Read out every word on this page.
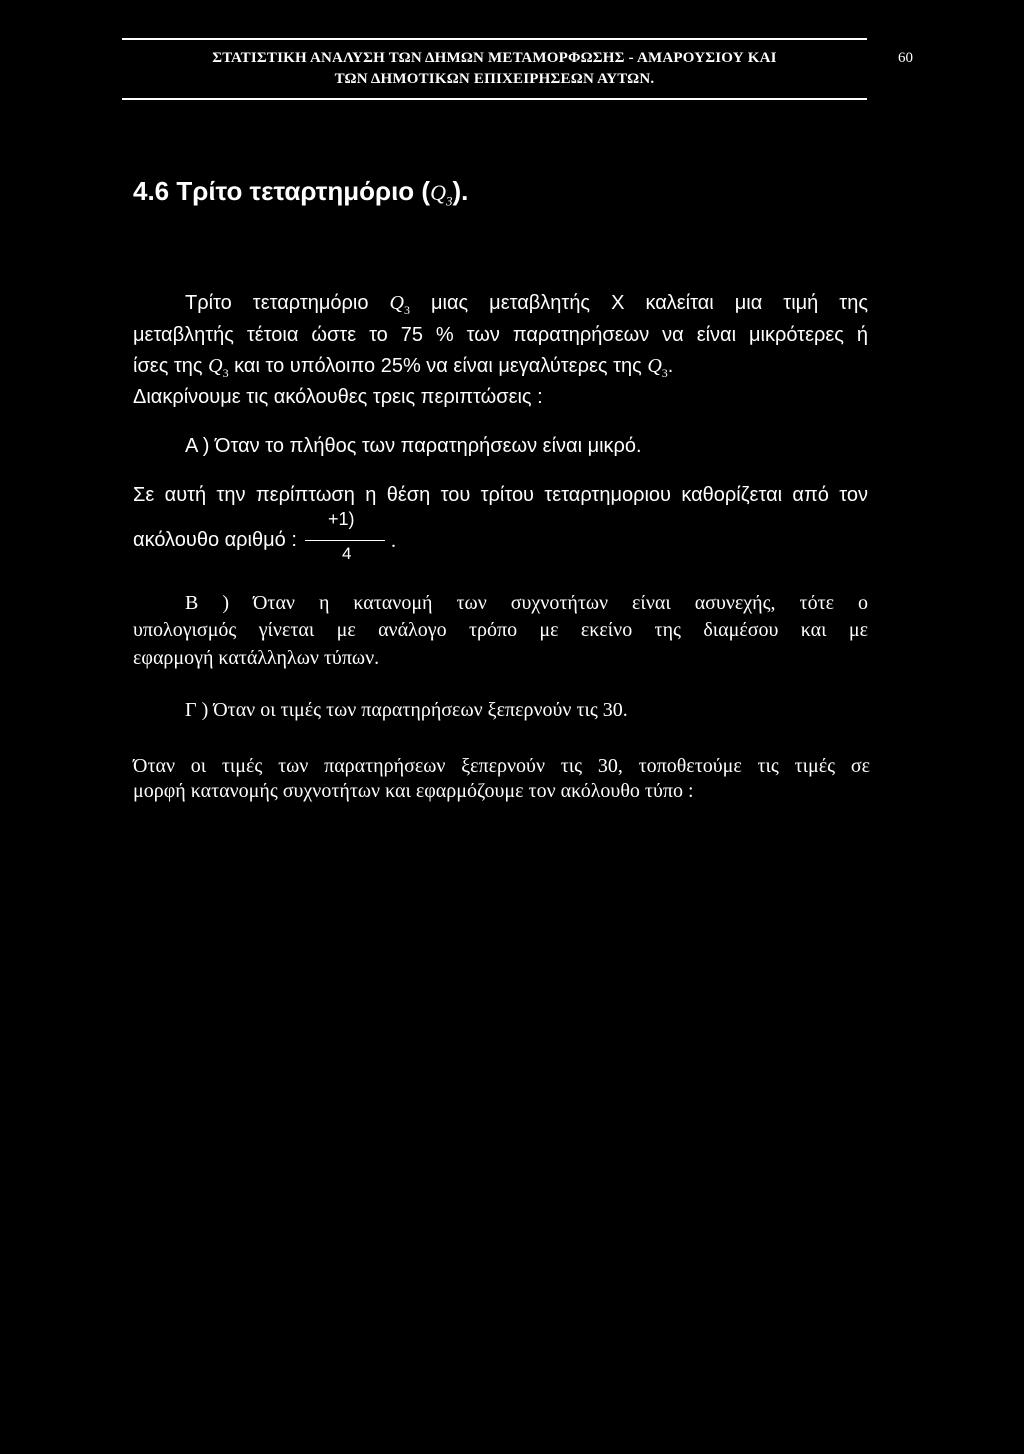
ΣΤΑΤΙΣΤΙΚΗ ΑΝΑΛΥΣΗ ΤΩΝ ΔΗΜΩΝ ΜΕΤΑΜΟΡΦΩΣΗΣ - ΑΜΑΡΟΥΣΙΟΥ ΚΑΙ
ΤΩΝ ΔΗΜΟΤΙΚΩΝ ΕΠΙΧΕΙΡΗΣΕΩΝ ΑΥΤΩΝ.
60
4.6 Τρίτο τεταρτημόριο $(Q_3)$.
Τρίτο τεταρτημόριο $Q_3$ μιας μεταβλητής Χ καλείται μια τιμή της
μεταβλητής τέτοια ώστε το 75 % των παρατηρήσεων να είναι μικρότερες ή
ίσες της $Q_3$ και το υπόλοιπο 25% να είναι μεγαλύτερες της $Q_3$.
Διακρίνουμε τις ακόλουθες τρεις περιπτώσεις :
Α ) Όταν το πλήθος των παρατηρήσεων είναι μικρό.
Σε αυτή την περίπτωση η θέση του τρίτου τεταρτημοριου καθορίζεται από τον
ακόλουθο αριθμό :
+1)
4
.
Β ) Όταν η κατανομή των συχνοτήτων είναι ασυνεχής, τότε ο
υπολογισμός γίνεται με ανάλογο τρόπο με εκείνο της διαμέσου και με
εφαρμογή κατάλληλων τύπων.
Γ ) Όταν οι τιμές των παρατηρήσεων ξεπερνούν τις 30.
Όταν οι τιμές των παρατηρήσεων ξεπερνούν τις 30, τοποθετούμε τις τιμές σε
μορφή κατανομής συχνοτήτων και εφαρμόζουμε τον ακόλουθο τύπο :
